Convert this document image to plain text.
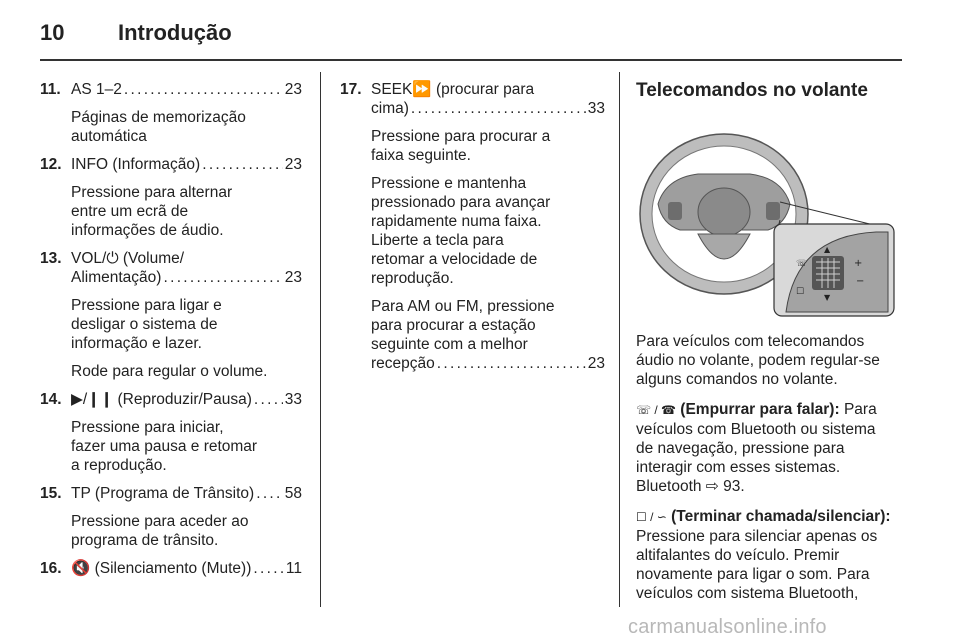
10 Introdução
11. AS 1–2 . . .	23
Páginas de memorização
automática
12. INFO (Informação) . . .	23
Pressione para alternar
entre um ecrã de
informações de áudio.
13. VOL/⏻ (Volume/
Alimentação) . . .	23
Pressione para ligar e
desligar o sistema de
informação e lazer.
Rode para regular o volume.
14. ▶/❙❙ (Reproduzir/Pausa) . . . 33
Pressione para iniciar,
fazer uma pausa e retomar
a reprodução.
15. TP (Programa de Trânsito) . . . 58
Pressione para aceder ao
programa de trânsito.
16. 🔇 (Silenciamento (Mute)) . . . 11
17. SEEK⏩ (procurar para
cima) . . .	33
Pressione para procurar a
faixa seguinte.
Pressione e mantenha
pressionado para avançar
rapidamente numa faixa.
Liberte a tecla para
retomar a velocidade de
reprodução.
Para AM ou FM, pressione
para procurar a estação
seguinte com a melhor
recepção . . .	23
Telecomandos no volante
☏
☐
+
−
▲
▼
Para veículos com telecomandos
áudio no volante, podem regular-se
alguns comandos no volante.
☏ / ☎ (Empurrar para falar): Para
veículos com Bluetooth ou sistema
de navegação, pressione para
interagir com esses sistemas.
Bluetooth ⇨ 93.
☐ / ∽ (Terminar chamada/silenciar):
Pressione para silenciar apenas os
altifalantes do veículo. Premir
novamente para ligar o som. Para
veículos com sistema Bluetooth,
carmanualsonline.info
